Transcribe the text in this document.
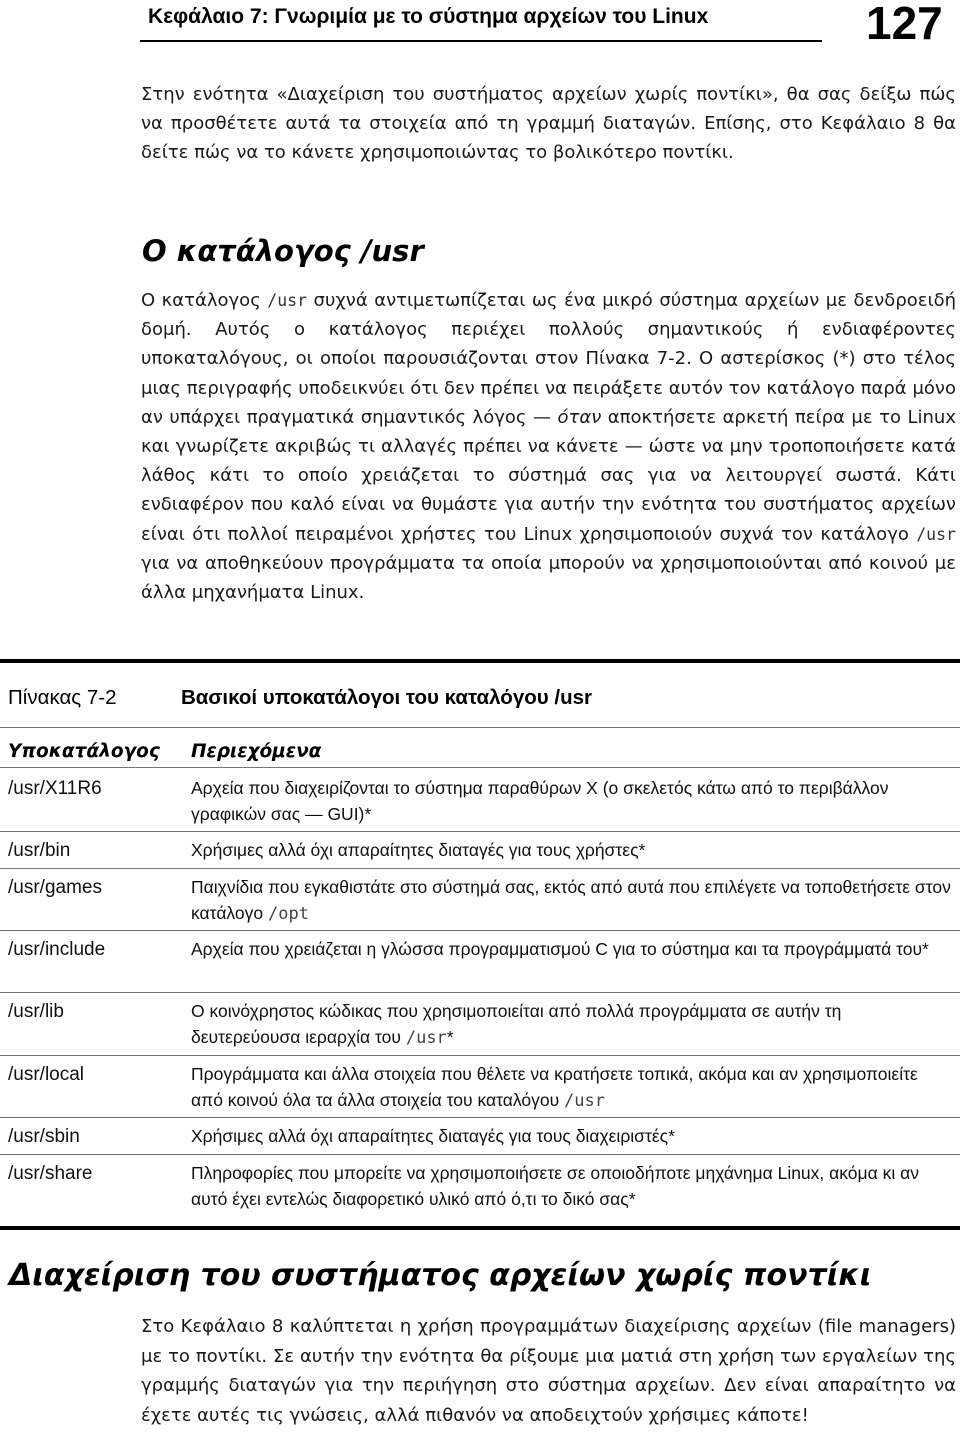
Κεφάλαιο 7: Γνωριμία με το σύστημα αρχείων του Linux	127

Στην ενότητα «Διαχείριση του συστήματος αρχείων χωρίς ποντίκι», θα σας δείξω πώς να προσθέτετε αυτά τα στοιχεία από τη γραμμή διαταγών. Επίσης, στο Κεφάλαιο 8 θα δείτε πώς να το κάνετε χρησιμοποιώντας το βολικότερο ποντίκι.

Ο κατάλογος /usr

Ο κατάλογος /usr συχνά αντιμετωπίζεται ως ένα μικρό σύστημα αρχείων με δενδροειδή δομή. Αυτός ο κατάλογος περιέχει πολλούς σημαντικούς ή ενδιαφέροντες υποκαταλόγους, οι οποίοι παρουσιάζονται στον Πίνακα 7-2. Ο αστερίσκος (*) στο τέλος μιας περιγραφής υποδεικνύει ότι δεν πρέπει να πειράξετε αυτόν τον κατάλογο παρά μόνο αν υπάρχει πραγματικά σημαντικός λόγος — όταν αποκτήσετε αρκετή πείρα με το Linux και γνωρίζετε ακριβώς τι αλλαγές πρέπει να κάνετε — ώστε να μην τροποποιήσετε κατά λάθος κάτι το οποίο χρειάζεται το σύστημά σας για να λειτουργεί σωστά. Κάτι ενδιαφέρον που καλό είναι να θυμάστε για αυτήν την ενότητα του συστήματος αρχείων είναι ότι πολλοί πειραμένοι χρήστες του Linux χρησιμοποιούν συχνά τον κατάλογο /usr για να αποθηκεύουν προγράμματα τα οποία μπορούν να χρησιμοποιούνται από κοινού με άλλα μηχανήματα Linux.

Πίνακας 7-2	Βασικοί υποκατάλογοι του καταλόγου /usr
Υποκατάλογος Περιεχόμενα
/usr/X11R6	Αρχεία που διαχειρίζονται το σύστημα παραθύρων X (ο σκελετός κάτω από το περιβάλλον γραφικών σας — GUI)*
/usr/bin	Χρήσιμες αλλά όχι απαραίτητες διαταγές για τους χρήστες*
/usr/games	Παιχνίδια που εγκαθιστάτε στο σύστημά σας, εκτός από αυτά που επιλέγετε να τοποθετήσετε στον κατάλογο /opt
/usr/include	Αρχεία που χρειάζεται η γλώσσα προγραμματισμού C για το σύστημα και τα προγράμματά του*
/usr/lib	Ο κοινόχρηστος κώδικας που χρησιμοποιείται από πολλά προγράμματα σε αυτήν τη δευτερεύουσα ιεραρχία του /usr*
/usr/local	Προγράμματα και άλλα στοιχεία που θέλετε να κρατήσετε τοπικά, ακόμα και αν χρησιμοποιείτε από κοινού όλα τα άλλα στοιχεία του καταλόγου /usr
/usr/sbin	Χρήσιμες αλλά όχι απαραίτητες διαταγές για τους διαχειριστές*
/usr/share	Πληροφορίες που μπορείτε να χρησιμοποιήσετε σε οποιοδήποτε μηχάνημα Linux, ακόμα κι αν αυτό έχει εντελώς διαφορετικό υλικό από ό,τι το δικό σας*
Διαχείριση του συστήματος αρχείων χωρίς ποντίκι

Στο Κεφάλαιο 8 καλύπτεται η χρήση προγραμμάτων διαχείρισης αρχείων (file managers) με το ποντίκι. Σε αυτήν την ενότητα θα ρίξουμε μια ματιά στη χρήση των εργαλείων της γραμμής διαταγών για την περιήγηση στο σύστημα αρχείων. Δεν είναι απαραίτητο να έχετε αυτές τις γνώσεις, αλλά πιθανόν να αποδειχτούν χρήσιμες κάποτε!
